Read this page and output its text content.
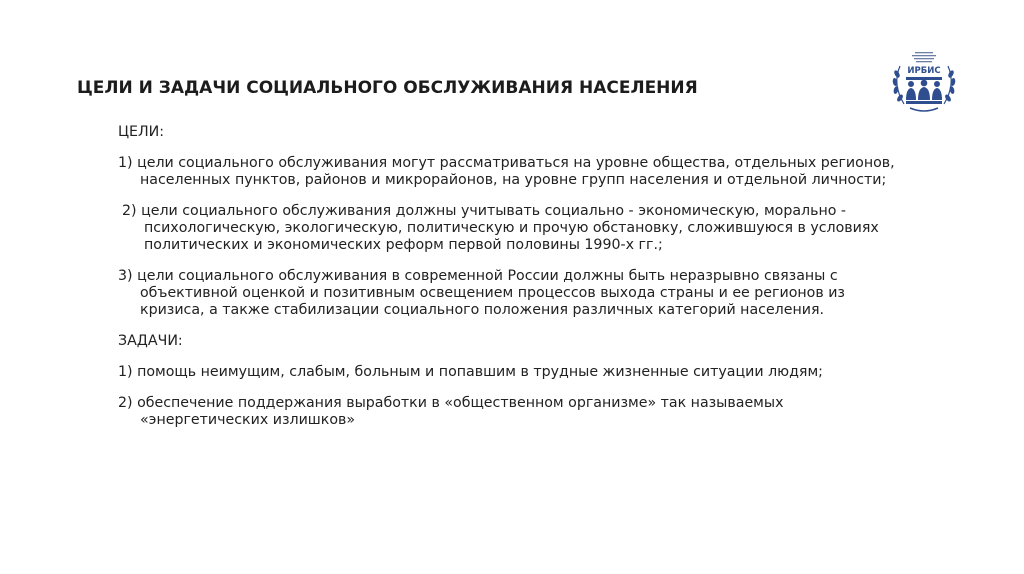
ЦЕЛИ И ЗАДАЧИ СОЦИАЛЬНОГО ОБСЛУЖИВАНИЯ НАСЕЛЕНИЯ
ИРБИС
ЦЕЛИ:
1) цели социального обслуживания могут рассматриваться на уровне общества, отдельных регионов, населенных пунктов, районов и микрорайонов, на уровне групп населения и отдельной личности;
2) цели социального обслуживания должны учитывать социально - экономическую, морально - психологическую, экологическую, политическую и прочую обстановку, сложившуюся в условиях политических и экономических реформ первой половины 1990-х гг.;
3) цели социального обслуживания в современной России должны быть неразрывно связаны с объективной оценкой и позитивным освещением процессов выхода страны и ее регионов из кризиса, а также стабилизации социального положения различных категорий населения.
ЗАДАЧИ:
1) помощь неимущим, слабым, больным и попавшим в трудные жизненные ситуации людям;
2) обеспечение поддержания выработки в «общественном организме» так называемых «энергетических излишков»
